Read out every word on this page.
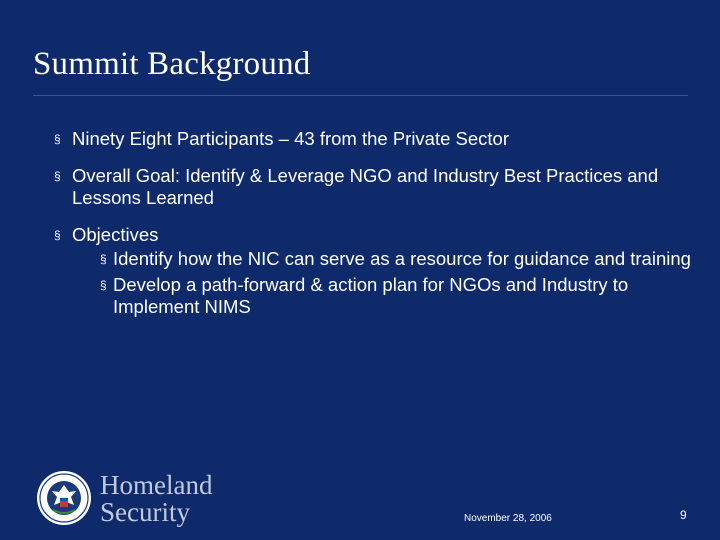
Summit Background
§ Ninety Eight Participants – 43 from the Private Sector
§ Overall Goal: Identify & Leverage NGO and Industry Best Practices and Lessons Learned
§ Objectives
§ Identify how the NIC can serve as a resource for guidance and training
§ Develop a path-forward & action plan for NGOs and Industry to Implement NIMS
Homeland
Security	November 28, 2006	9
